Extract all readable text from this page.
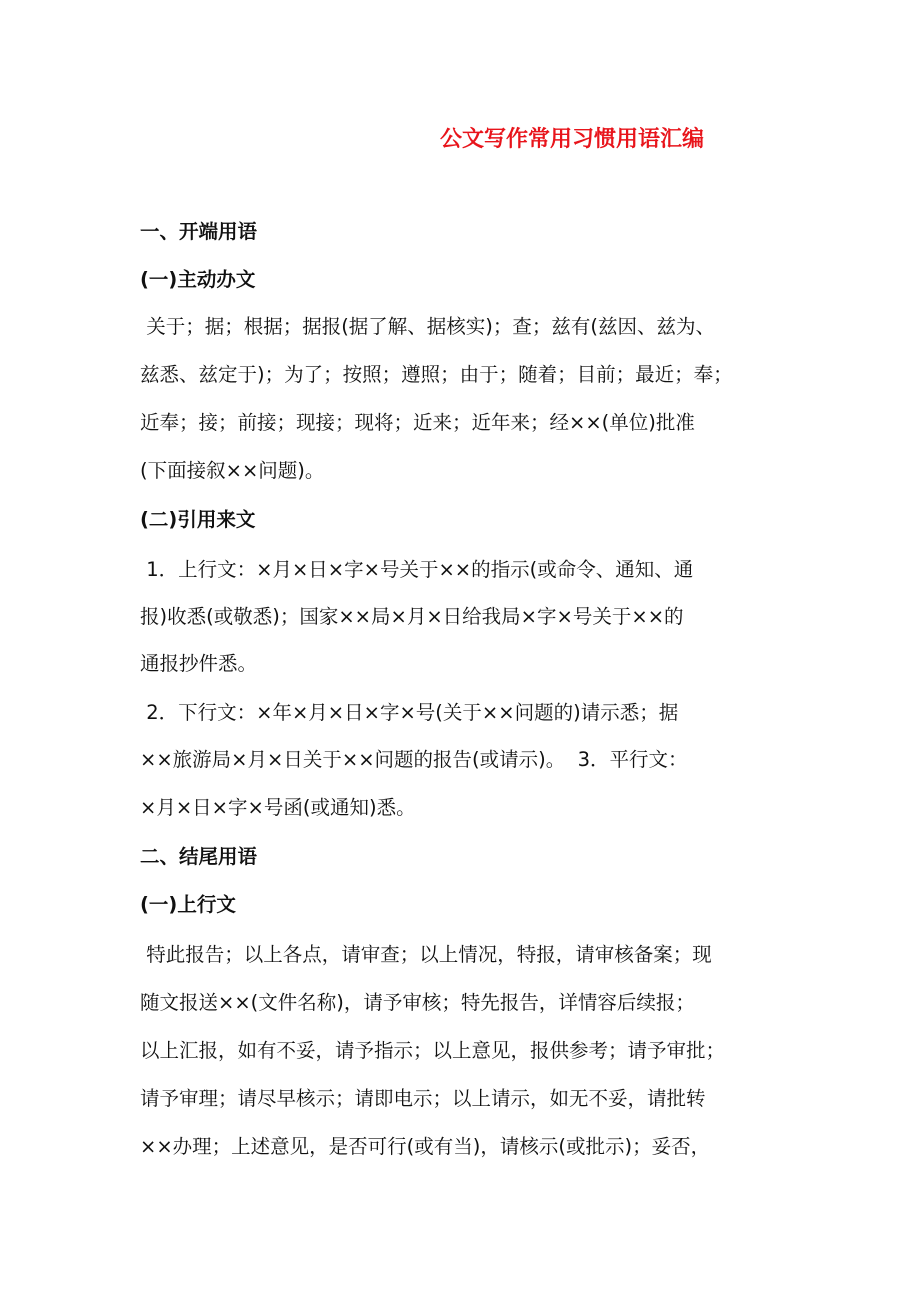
公文写作常用习惯用语汇编
一、开端用语
(一)主动办文
关于；据；根据；据报(据了解、据核实)；查；兹有(兹因、兹为、
兹悉、兹定于)；为了；按照；遵照；由于；随着；目前；最近；奉；
近奉；接；前接；现接；现将；近来；近年来；经××(单位)批准
(下面接叙××问题)。
(二)引用来文
1．上行文：×月×日×字×号关于××的指示(或命令、通知、通
报)收悉(或敬悉)；国家××局×月×日给我局×字×号关于××的
通报抄件悉。
2．下行文：×年×月×日×字×号(关于××问题的)请示悉；据
××旅游局×月×日关于××问题的报告(或请示)。  3．平行文：
×月×日×字×号函(或通知)悉。
二、结尾用语
(一)上行文
特此报告；以上各点，请审查；以上情况，特报，请审核备案；现
随文报送××(文件名称)，请予审核；特先报告，详情容后续报；
以上汇报，如有不妥，请予指示；以上意见，报供参考；请予审批；
请予审理；请尽早核示；请即电示；以上请示，如无不妥，请批转
××办理；上述意见，是否可行(或有当)，请核示(或批示)；妥否，
